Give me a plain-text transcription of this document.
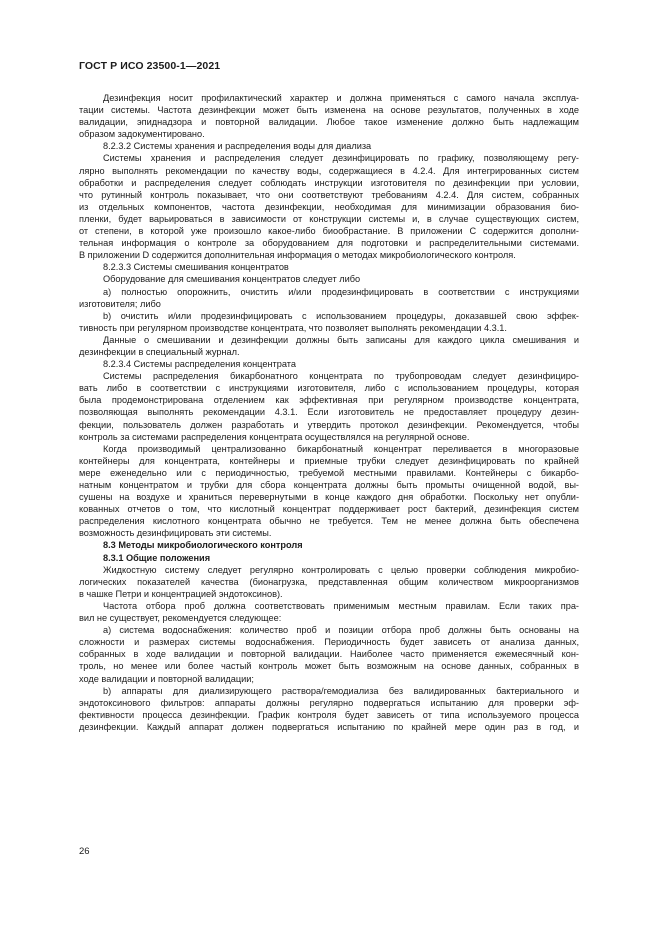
ГОСТ Р ИСО 23500-1—2021
Дезинфекция носит профилактический характер и должна применяться с самого начала эксплуа-
тации системы. Частота дезинфекции может быть изменена на основе результатов, полученных в ходе
валидации, эпиднадзора и повторной валидации. Любое такое изменение должно быть надлежащим
образом задокументировано.
8.2.3.2 Системы хранения и распределения воды для диализа
Системы хранения и распределения следует дезинфицировать по графику, позволяющему регу-
лярно выполнять рекомендации по качеству воды, содержащиеся в 4.2.4. Для интегрированных систем
обработки и распределения следует соблюдать инструкции изготовителя по дезинфекции при условии,
что рутинный контроль показывает, что они соответствуют требованиям 4.2.4. Для систем, собранных
из отдельных компонентов, частота дезинфекции, необходимая для минимизации образования био-
пленки, будет варьироваться в зависимости от конструкции системы и, в случае существующих систем,
от степени, в которой уже произошло какое-либо биообрастание. В приложении С содержится дополни-
тельная информация о контроле за оборудованием для подготовки и распределительными системами.
В приложении D содержится дополнительная информация о методах микробиологического контроля.
8.2.3.3 Системы смешивания концентратов
Оборудование для смешивания концентратов следует либо
a) полностью опорожнить, очистить и/или продезинфицировать в соответствии с инструкциями
изготовителя; либо
b) очистить и/или продезинфицировать с использованием процедуры, доказавшей свою эффек-
тивность при регулярном производстве концентрата, что позволяет выполнять рекомендации 4.3.1.
Данные о смешивании и дезинфекции должны быть записаны для каждого цикла смешивания и
дезинфекции в специальный журнал.
8.2.3.4 Системы распределения концентрата
Системы распределения бикарбонатного концентрата по трубопроводам следует дезинфициро-
вать либо в соответствии с инструкциями изготовителя, либо с использованием процедуры, которая
была продемонстрирована отделением как эффективная при регулярном производстве концентрата,
позволяющая выполнять рекомендации 4.3.1. Если изготовитель не предоставляет процедуру дезин-
фекции, пользователь должен разработать и утвердить протокол дезинфекции. Рекомендуется, чтобы
контроль за системами распределения концентрата осуществлялся на регулярной основе.
Когда производимый централизованно бикарбонатный концентрат переливается в многоразовые
контейнеры для концентрата, контейнеры и приемные трубки следует дезинфицировать по крайней
мере еженедельно или с периодичностью, требуемой местными правилами. Контейнеры с бикарбо-
натным концентратом и трубки для сбора концентрата должны быть промыты очищенной водой, вы-
сушены на воздухе и храниться перевернутыми в конце каждого дня обработки. Поскольку нет опубли-
кованных отчетов о том, что кислотный концентрат поддерживает рост бактерий, дезинфекция систем
распределения кислотного концентрата обычно не требуется. Тем не менее должна быть обеспечена
возможность дезинфицировать эти системы.
8.3 Методы микробиологического контроля
8.3.1 Общие положения
Жидкостную систему следует регулярно контролировать с целью проверки соблюдения микробио-
логических показателей качества (бионагрузка, представленная общим количеством микроорганизмов
в чашке Петри и концентрацией эндотоксинов).
Частота отбора проб должна соответствовать применимым местным правилам. Если таких пра-
вил не существует, рекомендуется следующее:
a) система водоснабжения: количество проб и позиции отбора проб должны быть основаны на
сложности и размерах системы водоснабжения. Периодичность будет зависеть от анализа данных,
собранных в ходе валидации и повторной валидации. Наиболее часто применяется ежемесячный кон-
троль, но менее или более частый контроль может быть возможным на основе данных, собранных в
ходе валидации и повторной валидации;
b) аппараты для диализирующего раствора/гемодиализа без валидированных бактериального и
эндотоксинового фильтров: аппараты должны регулярно подвергаться испытанию для проверки эф-
фективности процесса дезинфекции. График контроля будет зависеть от типа используемого процесса
дезинфекции. Каждый аппарат должен подвергаться испытанию по крайней мере один раз в год, и
26
